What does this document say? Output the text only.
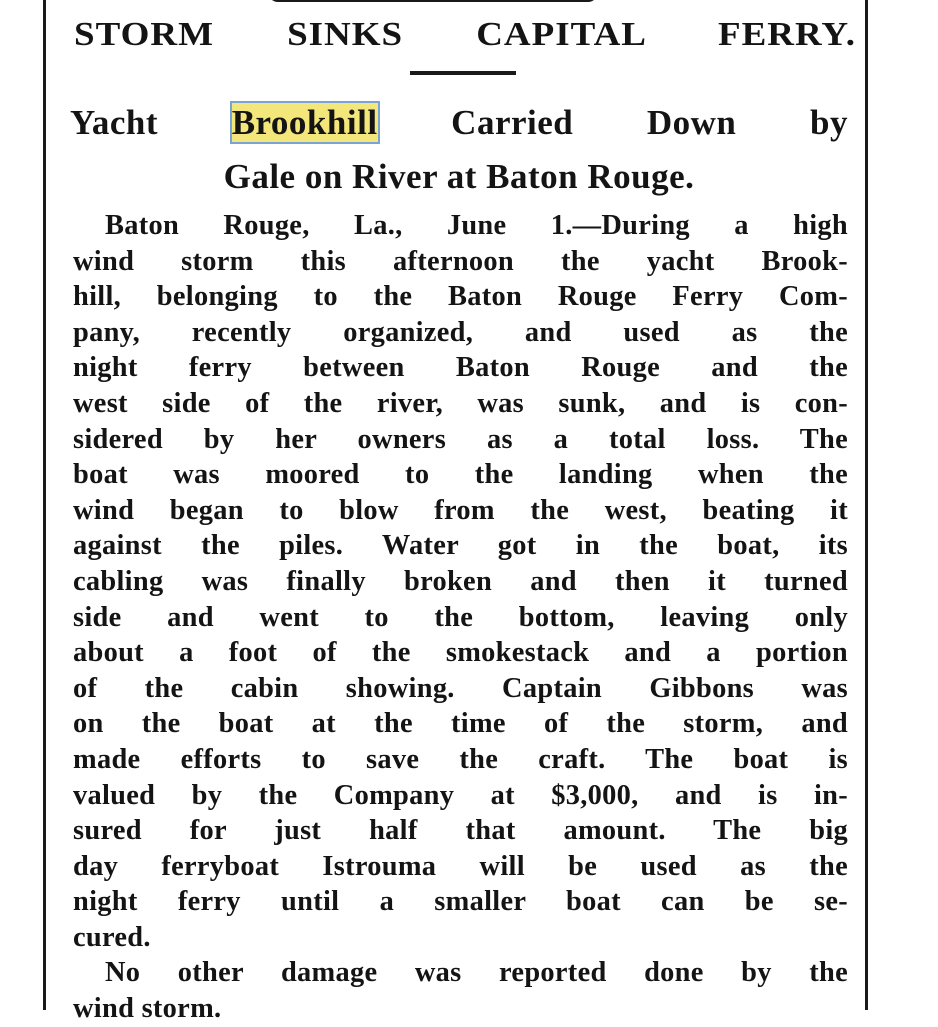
STORM SINKS CAPITAL FERRY.
Yacht Brookhill Carried Down by
Gale on River at Baton Rouge.
Baton Rouge, La., June 1.—During a high
wind storm this afternoon the yacht Brook-
hill, belonging to the Baton Rouge Ferry Com-
pany, recently organized, and used as the
night ferry between Baton Rouge and the
west side of the river, was sunk, and is con-
sidered by her owners as a total loss. The
boat was moored to the landing when the
wind began to blow from the west, beating it
against the piles. Water got in the boat, its
cabling was finally broken and then it turned
side and went to the bottom, leaving only
about a foot of the smokestack and a portion
of the cabin showing. Captain Gibbons was
on the boat at the time of the storm, and
made efforts to save the craft. The boat is
valued by the Company at $3,000, and is in-
sured for just half that amount. The big
day ferryboat Istrouma will be used as the
night ferry until a smaller boat can be se-
cured.
No other damage was reported done by the
wind storm.
